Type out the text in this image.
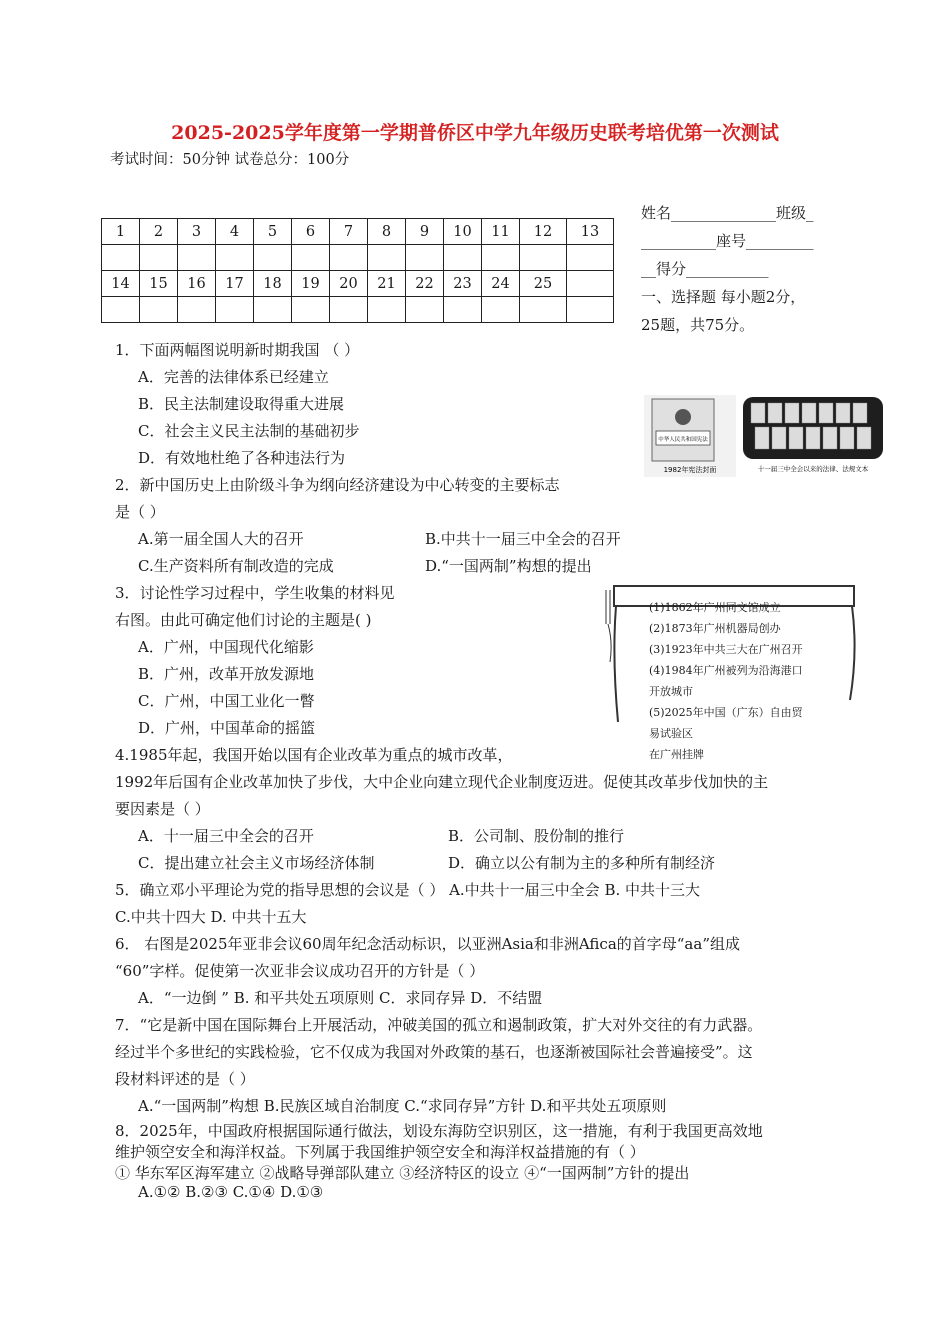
2025-2025学年度第一学期普侨区中学九年级历史联考培优第一次测试
考试时间：50分钟 试卷总分：100分
1	2	3	4	5	6	7	8	9	10	11	12	13

14	15	16	17	18	19	20	21	22	23	24	25	

姓名______________班级_
__________座号_________
__得分___________
一、选择题 每小题2分，
25题，共75分。
中华人民共和国宪法
1982年宪法封面	十一届三中全会以来的法律、法规文本
(1)1862年广州同文馆成立
(2)1873年广州机器局创办
(3)1923年中共三大在广州召开
(4)1984年广州被列为沿海港口
开放城市
(5)2025年中国（广东）自由贸
易试验区
在广州挂牌
1．下面两幅图说明新时期我国 （ ）
A．完善的法律体系已经建立
B．民主法制建设取得重大进展
C．社会主义民主法制的基础初步
D．有效地杜绝了各种违法行为
2．新中国历史上由阶级斗争为纲向经济建设为中心转变的主要标志
是（ ）
A.第一届全国人大的召开	B.中共十一届三中全会的召开
C.生产资料所有制改造的完成	D.“一国两制”构想的提出
3．讨论性学习过程中，学生收集的材料见
右图。由此可确定他们讨论的主题是( )
A．广州，中国现代化缩影
B．广州，改革开放发源地
C．广州，中国工业化一瞥
D．广州，中国革命的摇篮
4.1985年起，我国开始以国有企业改革为重点的城市改革，
1992年后国有企业改革加快了步伐，大中企业向建立现代企业制度迈进。促使其改革步伐加快的主
要因素是（ ）
A．十一届三中全会的召开	B．公司制、股份制的推行
C．提出建立社会主义市场经济体制	D．确立以公有制为主的多种所有制经济
5．确立邓小平理论为党的指导思想的会议是（ ） A.中共十一届三中全会 B. 中共十三大
C.中共十四大 D. 中共十五大
6． 右图是2025年亚非会议60周年纪念活动标识，以亚洲Asia和非洲Afica的首字母“aa”组成
“60”字样。促使第一次亚非会议成功召开的方针是（ ）
A．“一边倒 ” B. 和平共处五项原则 C．求同存异 D．不结盟
7．“它是新中国在国际舞台上开展活动，冲破美国的孤立和遏制政策，扩大对外交往的有力武器。
经过半个多世纪的实践检验，它不仅成为我国对外政策的基石，也逐渐被国际社会普遍接受”。这
段材料评述的是（ ）
A.“一国两制”构想 B.民族区域自治制度 C.“求同存异”方针 D.和平共处五项原则
8．2025年，中国政府根据国际通行做法，划设东海防空识别区，这一措施，有利于我国更高效地
维护领空安全和海洋权益。下列属于我国维护领空安全和海洋权益措施的有（ ）
① 华东军区海军建立 ②战略导弹部队建立 ③经济特区的设立 ④“一国两制”方针的提出
A.①② B.②③ C.①④ D.①③
